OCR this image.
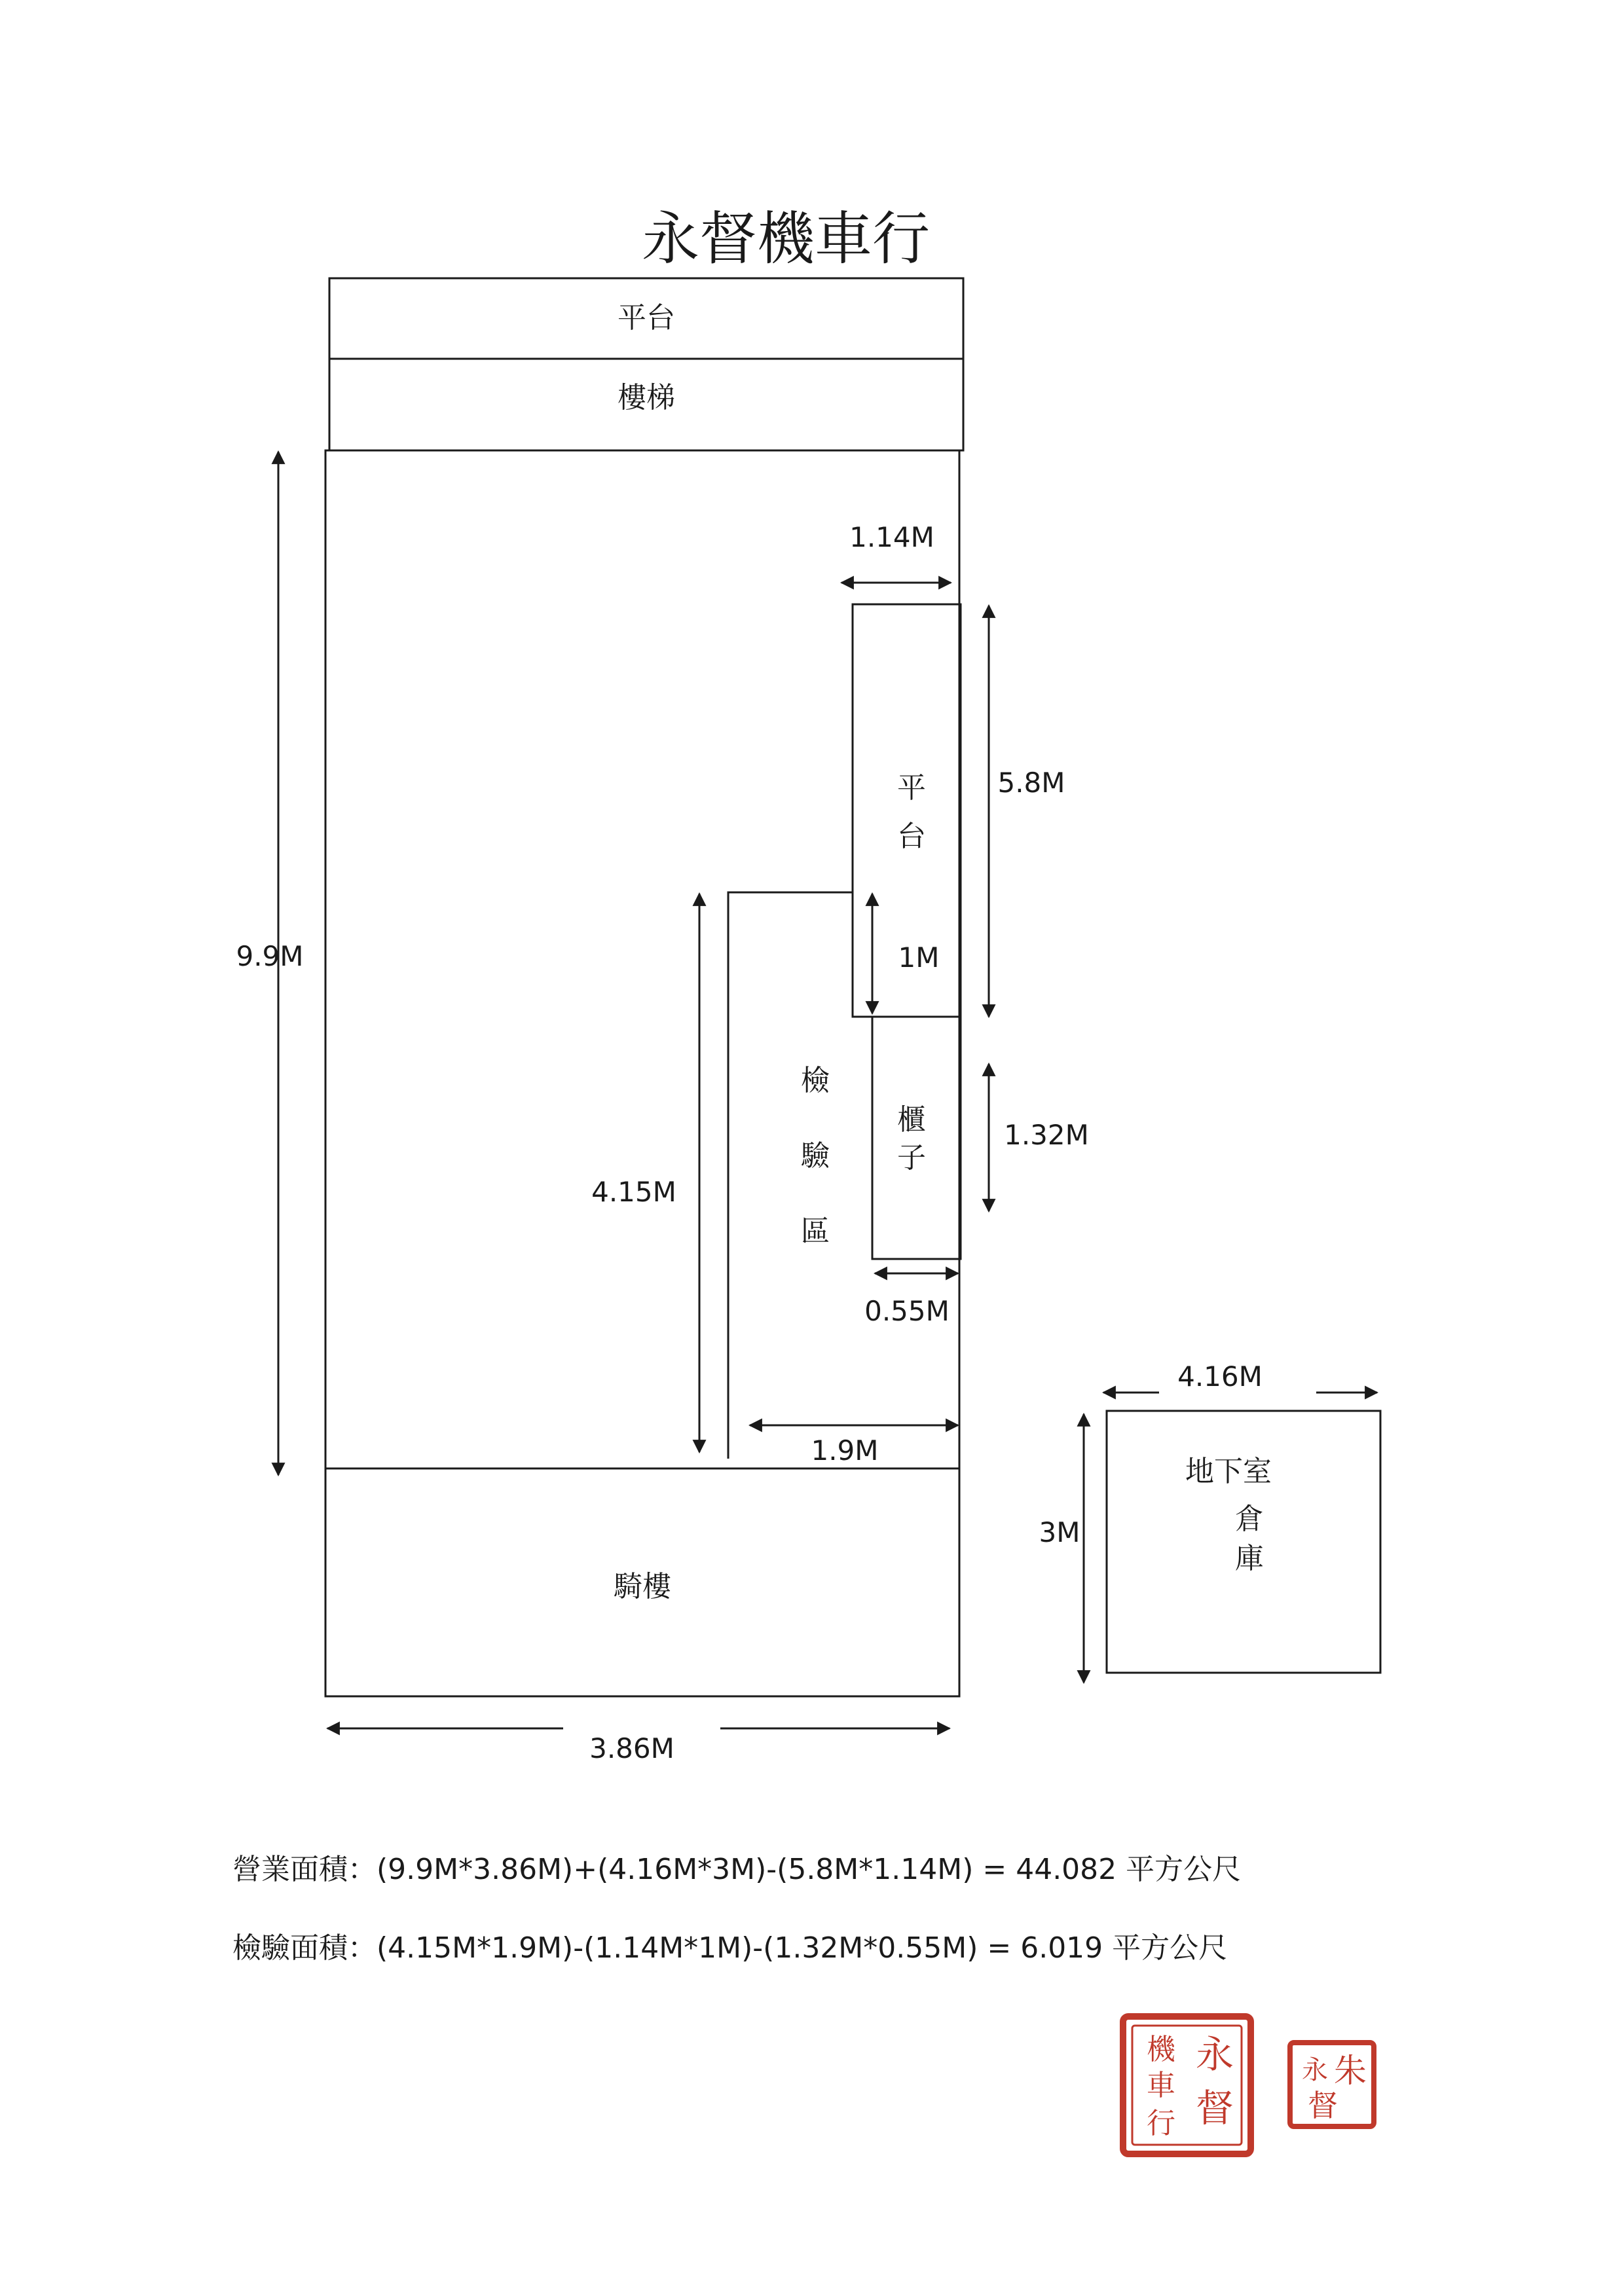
永督機車行
平台
樓梯
騎樓
平
台
櫃
子
檢
驗
區
地下室
倉
庫
9.9M
3.86M
1.14M
5.8M
1M
1.32M
0.55M
4.15M
1.9M
4.16M
3M
營業面積：(9.9M*3.86M)+(4.16M*3M)-(5.8M*1.14M) = 44.082 平方公尺
檢驗面積：(4.15M*1.9M)-(1.14M*1M)-(1.32M*0.55M) = 6.019 平方公尺
永
督
機
車
行
朱
永
督
